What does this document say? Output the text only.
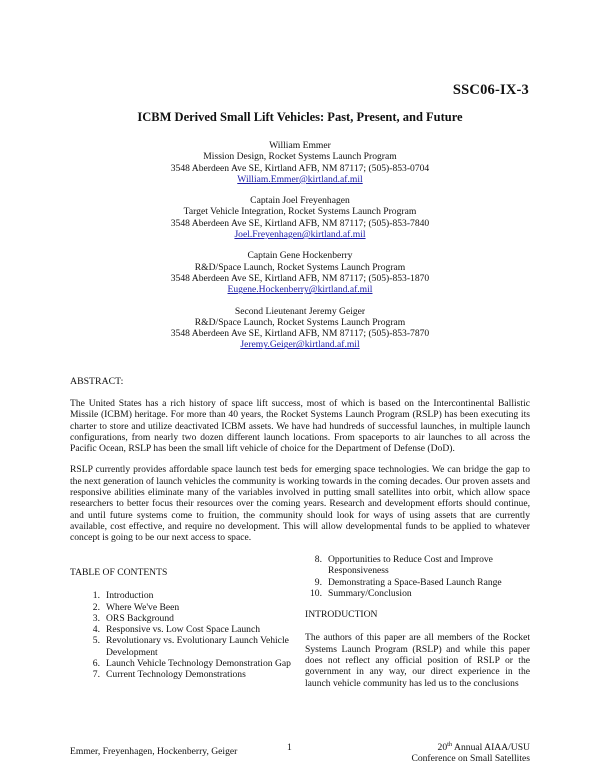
SSC06-IX-3
ICBM Derived Small Lift Vehicles: Past, Present, and Future
William Emmer
Mission Design, Rocket Systems Launch Program
3548 Aberdeen Ave SE, Kirtland AFB, NM 87117; (505)-853-0704
William.Emmer@kirtland.af.mil
Captain Joel Freyenhagen
Target Vehicle Integration, Rocket Systems Launch Program
3548 Aberdeen Ave SE, Kirtland AFB, NM 87117; (505)-853-7840
Joel.Freyenhagen@kirtland.af.mil
Captain Gene Hockenberry
R&D/Space Launch, Rocket Systems Launch Program
3548 Aberdeen Ave SE, Kirtland AFB, NM 87117; (505)-853-1870
Eugene.Hockenberry@kirtland.af.mil
Second Lieutenant Jeremy Geiger
R&D/Space Launch, Rocket Systems Launch Program
3548 Aberdeen Ave SE, Kirtland AFB, NM 87117; (505)-853-7870
Jeremy.Geiger@kirtland.af.mil
ABSTRACT:

The United States has a rich history of space lift success, most of which is based on the Intercontinental Ballistic Missile (ICBM) heritage. For more than 40 years, the Rocket Systems Launch Program (RSLP) has been executing its charter to store and utilize deactivated ICBM assets. We have had hundreds of successful launches, in multiple launch configurations, from nearly two dozen different launch locations. From spaceports to air launches to all across the Pacific Ocean, RSLP has been the small lift vehicle of choice for the Department of Defense (DoD).

RSLP currently provides affordable space launch test beds for emerging space technologies. We can bridge the gap to the next generation of launch vehicles the community is working towards in the coming decades. Our proven assets and responsive abilities eliminate many of the variables involved in putting small satellites into orbit, which allow space researchers to better focus their resources over the coming years. Research and development efforts should continue, and until future systems come to fruition, the community should look for ways of using assets that are currently available, cost effective, and require no development. This will allow developmental funds to be applied to whatever concept is going to be our next access to space.

TABLE OF CONTENTS
1. Introduction
2. Where We've Been
3. ORS Background
4. Responsive vs. Low Cost Space Launch
5. Revolutionary vs. Evolutionary Launch Vehicle Development
6. Launch Vehicle Technology Demonstration Gap
7. Current Technology Demonstrations
8. Opportunities to Reduce Cost and Improve Responsiveness
9. Demonstrating a Space-Based Launch Range
10. Summary/Conclusion
INTRODUCTION
The authors of this paper are all members of the Rocket Systems Launch Program (RSLP) and while this paper does not reflect any official position of RSLP or the government in any way, our direct experience in the launch vehicle community has led us to the conclusions
Emmer, Freyenhagen, Hockenberry, Geiger	1	20th Annual AIAA/USU
Conference on Small Satellites
